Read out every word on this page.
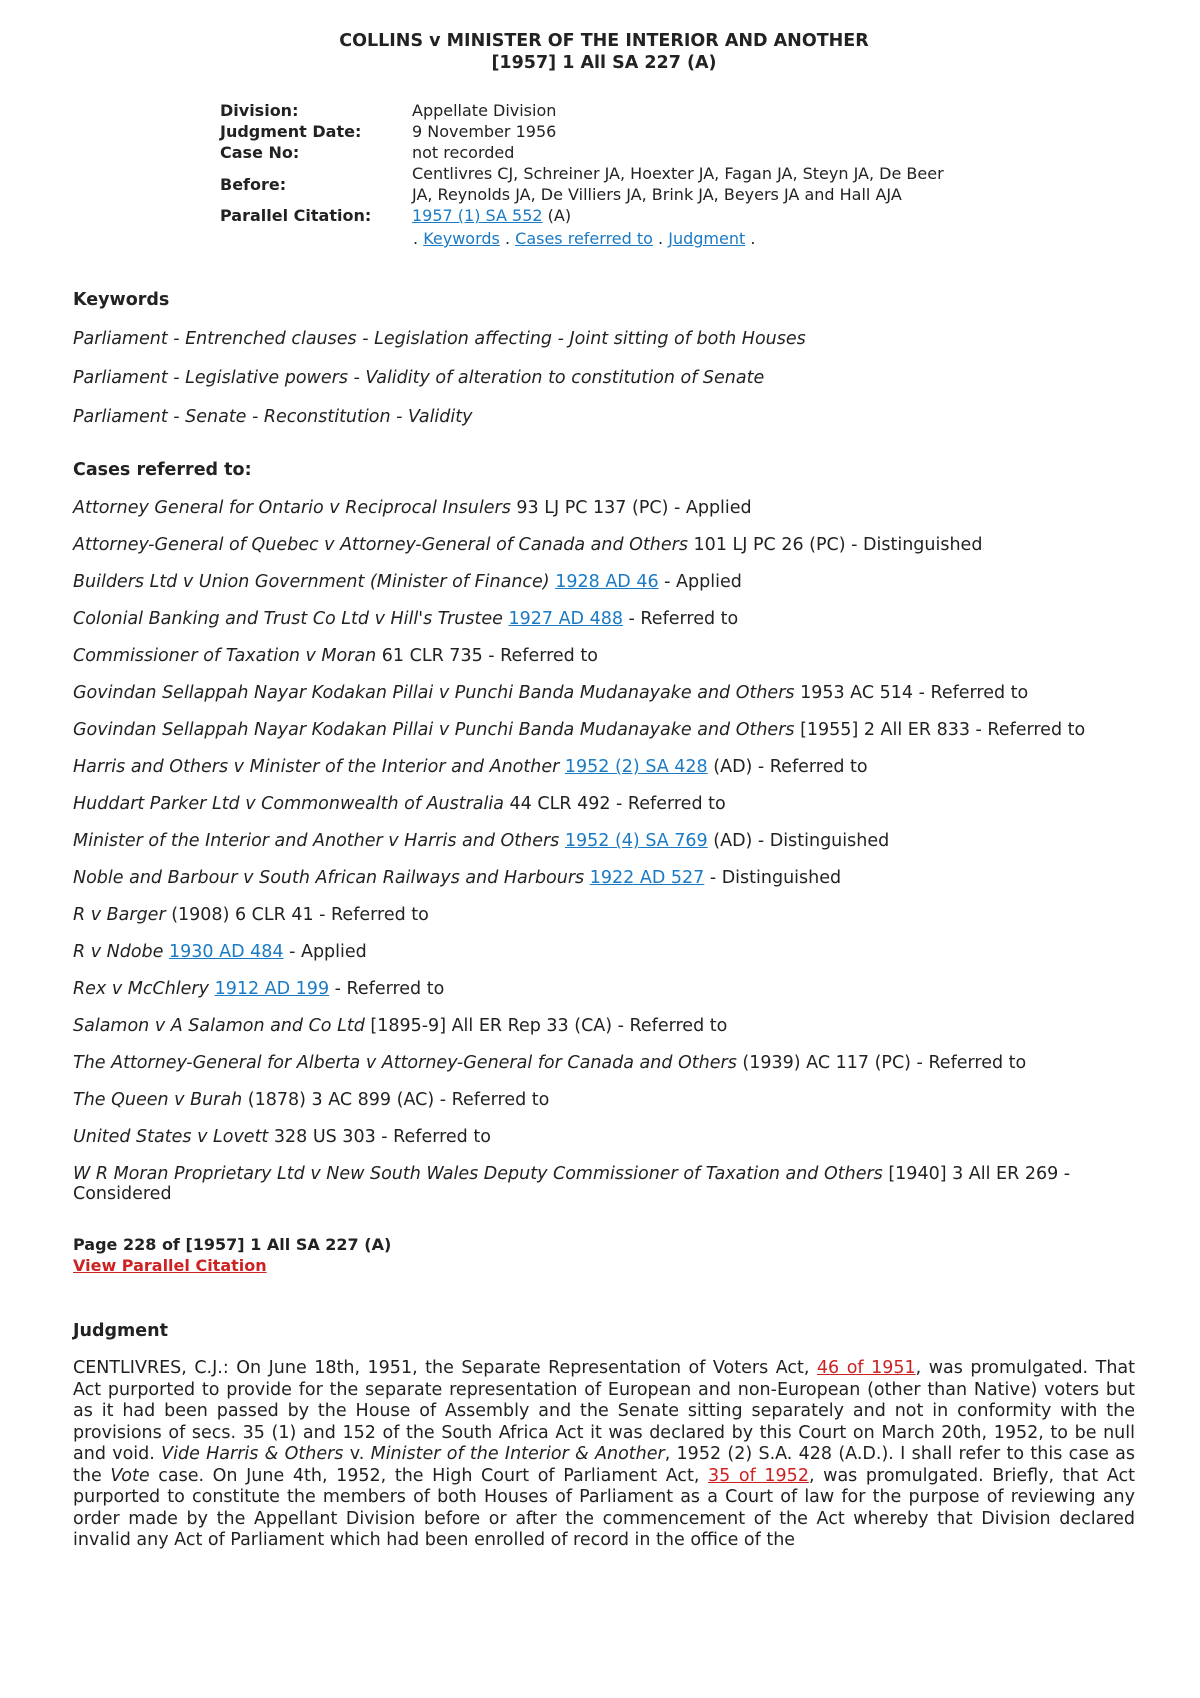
COLLINS v MINISTER OF THE INTERIOR AND ANOTHER

[1957] 1 All SA 227 (A)

Division:	Appellate Division
Judgment Date:	9 November 1956
Case No:	not recorded
Before:	Centlivres CJ, Schreiner JA, Hoexter JA, Fagan JA, Steyn JA, De Beer JA, Reynolds JA, De Villiers JA, Brink JA, Beyers JA and Hall AJA
Parallel Citation:	1957 (1) SA 552 (A)
. Keywords . Cases referred to . Judgment .
Keywords

Parliament - Entrenched clauses - Legislation affecting - Joint sitting of both Houses

Parliament - Legislative powers - Validity of alteration to constitution of Senate

Parliament - Senate - Reconstitution - Validity

Cases referred to:

Attorney General for Ontario v Reciprocal Insulers 93 LJ PC 137 (PC) - Applied

Attorney-General of Quebec v Attorney-General of Canada and Others 101 LJ PC 26 (PC) - Distinguished

Builders Ltd v Union Government (Minister of Finance) 1928 AD 46 - Applied

Colonial Banking and Trust Co Ltd v Hill's Trustee 1927 AD 488 - Referred to

Commissioner of Taxation v Moran 61 CLR 735 - Referred to

Govindan Sellappah Nayar Kodakan Pillai v Punchi Banda Mudanayake and Others 1953 AC 514 - Referred to

Govindan Sellappah Nayar Kodakan Pillai v Punchi Banda Mudanayake and Others [1955] 2 All ER 833 - Referred to

Harris and Others v Minister of the Interior and Another 1952 (2) SA 428 (AD) - Referred to

Huddart Parker Ltd v Commonwealth of Australia 44 CLR 492 - Referred to

Minister of the Interior and Another v Harris and Others 1952 (4) SA 769 (AD) - Distinguished

Noble and Barbour v South African Railways and Harbours 1922 AD 527 - Distinguished

R v Barger (1908) 6 CLR 41 - Referred to

R v Ndobe 1930 AD 484 - Applied

Rex v McChlery 1912 AD 199 - Referred to

Salamon v A Salamon and Co Ltd [1895-9] All ER Rep 33 (CA) - Referred to

The Attorney-General for Alberta v Attorney-General for Canada and Others (1939) AC 117 (PC) - Referred to

The Queen v Burah (1878) 3 AC 899 (AC) - Referred to

United States v Lovett 328 US 303 - Referred to

W R Moran Proprietary Ltd v New South Wales Deputy Commissioner of Taxation and Others [1940] 3 All ER 269 - Considered

Page 228 of [1957] 1 All SA 227 (A)
View Parallel Citation
Judgment
CENTLIVRES, C.J.: On June 18th, 1951, the Separate Representation of Voters Act, 46 of 1951, was promulgated. That Act purported to provide for the separate representation of European and non-European (other than Native) voters but as it had been passed by the House of Assembly and the Senate sitting separately and not in conformity with the provisions of secs. 35 (1) and 152 of the South Africa Act it was declared by this Court on March 20th, 1952, to be null and void. Vide Harris & Others v. Minister of the Interior & Another, 1952 (2) S.A. 428 (A.D.). I shall refer to this case as the Vote case. On June 4th, 1952, the High Court of Parliament Act, 35 of 1952, was promulgated. Briefly, that Act purported to constitute the members of both Houses of Parliament as a Court of law for the purpose of reviewing any order made by the Appellant Division before or after the commencement of the Act whereby that Division declared invalid any Act of Parliament which had been enrolled of record in the office of the
